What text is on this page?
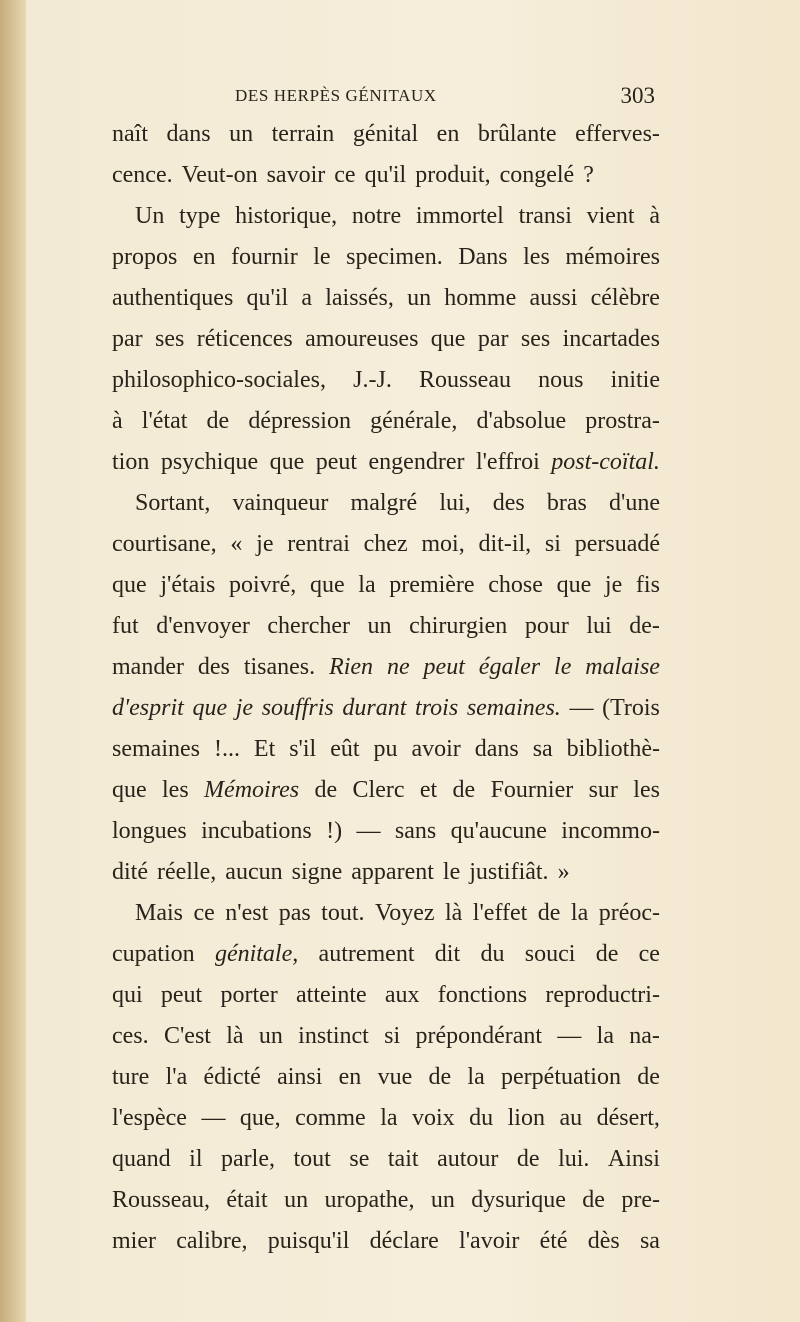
DES HERPÈS GÉNITAUX	303
naît dans un terrain génital en brûlante efferves-
cence. Veut-on savoir ce qu'il produit, congelé ?
Un type historique, notre immortel transi vient à
propos en fournir le specimen. Dans les mémoires
authentiques qu'il a laissés, un homme aussi célèbre
par ses réticences amoureuses que par ses incartades
philosophico-sociales, J.-J. Rousseau nous initie
à l'état de dépression générale, d'absolue prostra-
tion psychique que peut engendrer l'effroi post-coïtal.
Sortant, vainqueur malgré lui, des bras d'une
courtisane, « je rentrai chez moi, dit-il, si persuadé
que j'étais poivré, que la première chose que je fis
fut d'envoyer chercher un chirurgien pour lui de-
mander des tisanes. Rien ne peut égaler le malaise
d'esprit que je souffris durant trois semaines. — (Trois
semaines !... Et s'il eût pu avoir dans sa bibliothè-
que les Mémoires de Clerc et de Fournier sur les
longues incubations !) — sans qu'aucune incommo-
dité réelle, aucun signe apparent le justifiât. »
Mais ce n'est pas tout. Voyez là l'effet de la préoc-
cupation génitale, autrement dit du souci de ce
qui peut porter atteinte aux fonctions reproductri-
ces. C'est là un instinct si prépondérant — la na-
ture l'a édicté ainsi en vue de la perpétuation de
l'espèce — que, comme la voix du lion au désert,
quand il parle, tout se tait autour de lui. Ainsi
Rousseau, était un uropathe, un dysurique de pre-
mier calibre, puisqu'il déclare l'avoir été dès sa
